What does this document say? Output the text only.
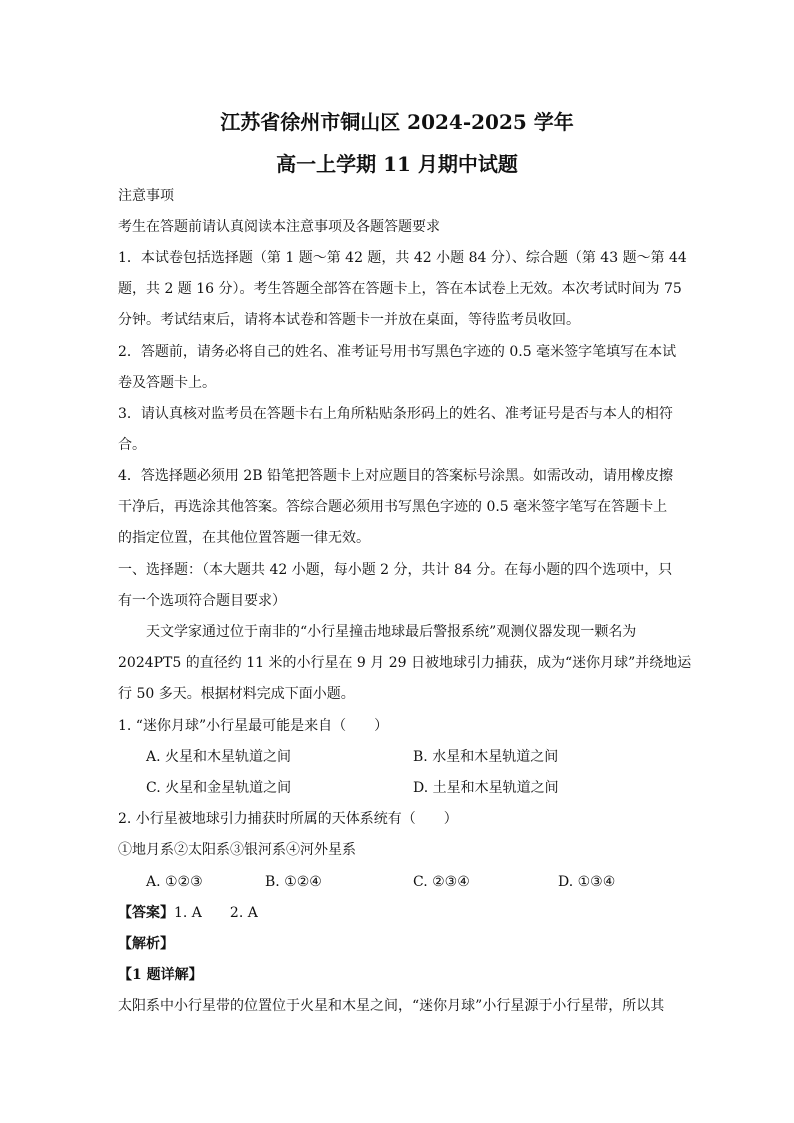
江苏省徐州市铜山区 2024-2025 学年
高一上学期 11 月期中试题
注意事项
考生在答题前请认真阅读本注意事项及各题答题要求
1．本试卷包括选择题（第 1 题～第 42 题，共 42 小题 84 分）、综合题（第 43 题～第 44
题，共 2 题 16 分）。考生答题全部答在答题卡上，答在本试卷上无效。本次考试时间为 75
分钟。考试结束后，请将本试卷和答题卡一并放在桌面，等待监考员收回。
2．答题前，请务必将自己的姓名、准考证号用书写黑色字迹的 0.5 毫米签字笔填写在本试
卷及答题卡上。
3．请认真核对监考员在答题卡右上角所粘贴条形码上的姓名、准考证号是否与本人的相符
合。
4．答选择题必须用 2B 铅笔把答题卡上对应题目的答案标号涂黑。如需改动，请用橡皮擦
干净后，再选涂其他答案。答综合题必须用书写黑色字迹的 0.5 毫米签字笔写在答题卡上
的指定位置，在其他位置答题一律无效。
一、选择题：（本大题共 42 小题，每小题 2 分，共计 84 分。在每小题的四个选项中，只
有一个选项符合题目要求）
天文学家通过位于南非的“小行星撞击地球最后警报系统”观测仪器发现一颗名为
2024PT5 的直径约 11 米的小行星在 9 月 29 日被地球引力捕获，成为“迷你月球”并绕地运
行 50 多天。根据材料完成下面小题。
1. “迷你月球”小行星最可能是来自（　　）
A. 火星和木星轨道之间	B. 水星和木星轨道之间
C. 火星和金星轨道之间	D. 土星和木星轨道之间
2. 小行星被地球引力捕获时所属的天体系统有（　　）
①地月系②太阳系③银河系④河外星系
A. ①②③	B. ①②④	C. ②③④	D. ①③④
【答案】1. A　　2. A
【解析】
【1 题详解】
太阳系中小行星带的位置位于火星和木星之间，“迷你月球”小行星源于小行星带，所以其
